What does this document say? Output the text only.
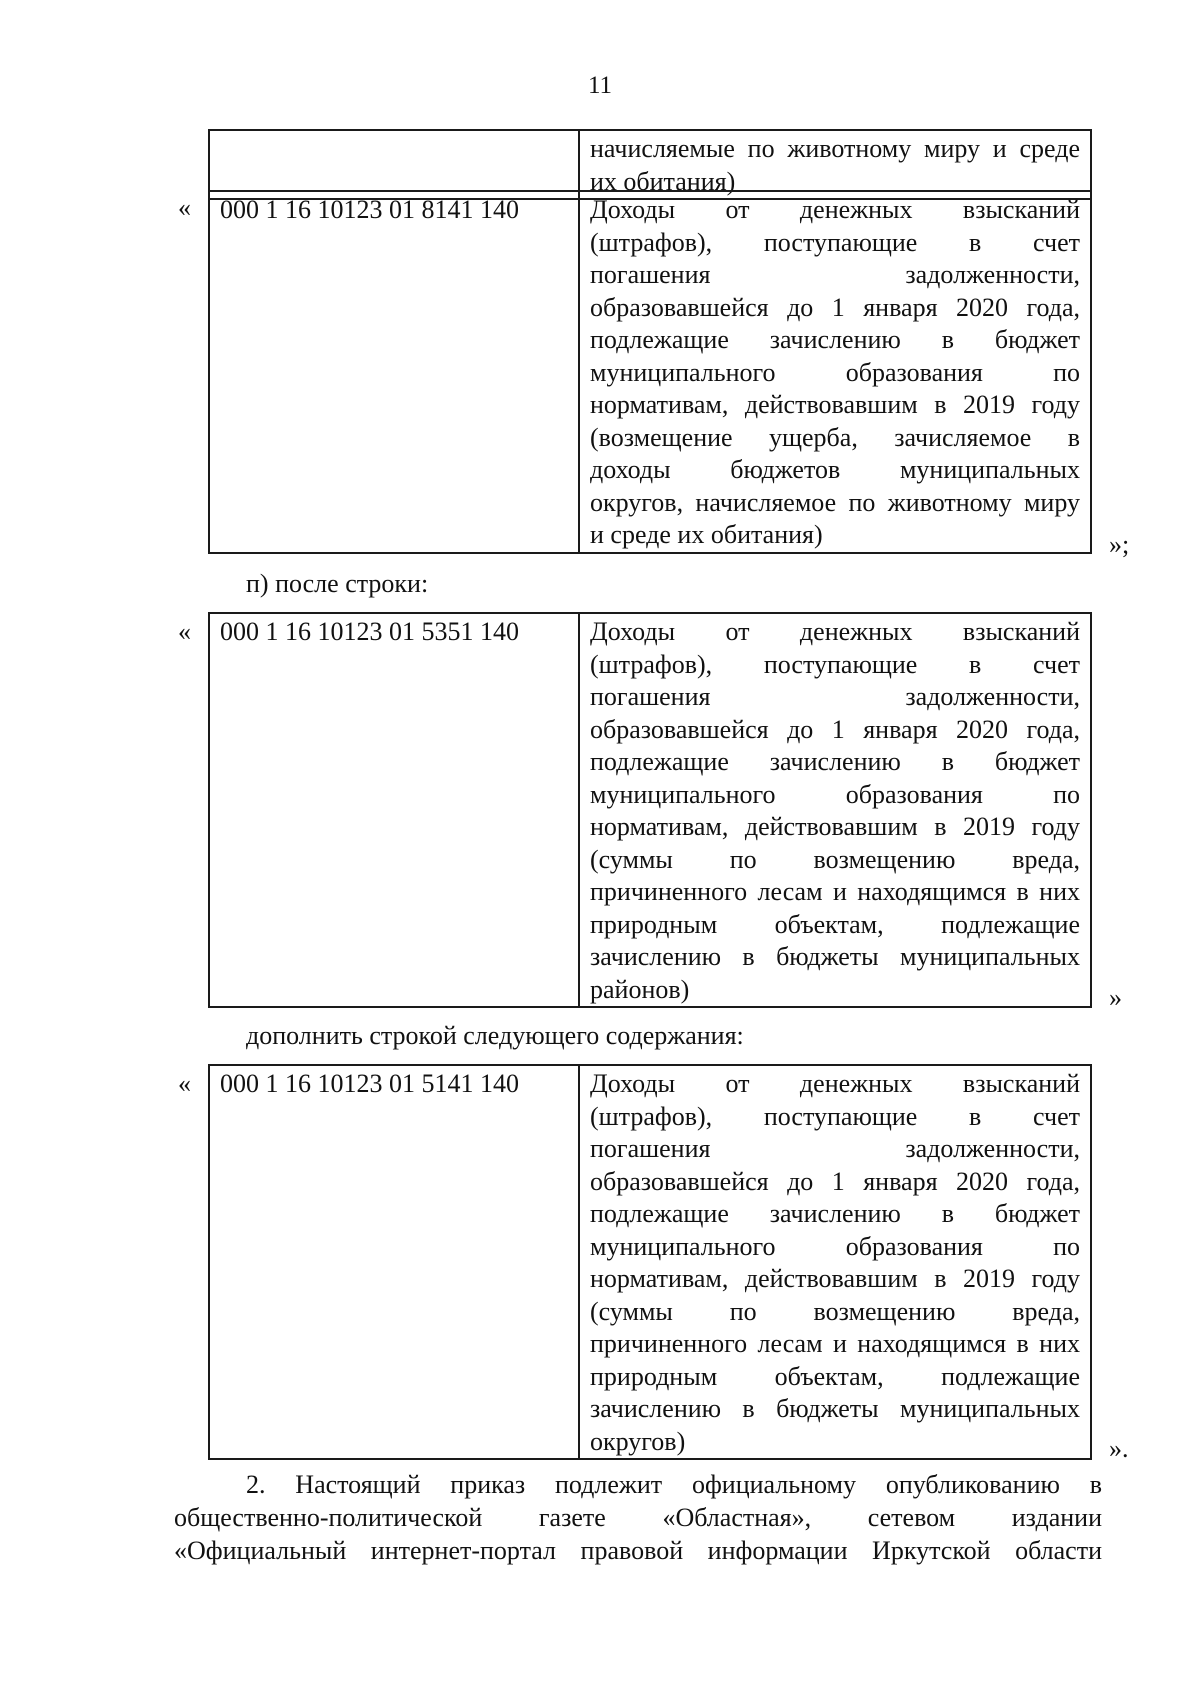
11

начисляемые по животному миру и среде
их обитания)
« 000 1 16 10123 01 8141 140	Доходы от денежных взысканий
(штрафов), поступающие в счет
погашения задолженности,
образовавшейся до 1 января 2020 года,
подлежащие зачислению в бюджет
муниципального образования по
нормативам, действовавшим в 2019 году
(возмещение ущерба, зачисляемое в
доходы бюджетов муниципальных
округов, начисляемое по животному миру
и среде их обитания)	»;
п) после строки:
« 000 1 16 10123 01 5351 140	Доходы от денежных взысканий
(штрафов), поступающие в счет
погашения задолженности,
образовавшейся до 1 января 2020 года,
подлежащие зачислению в бюджет
муниципального образования по
нормативам, действовавшим в 2019 году
(суммы по возмещению вреда,
причиненного лесам и находящимся в них
природным объектам, подлежащие
зачислению в бюджеты муниципальных
районов)	»
дополнить строкой следующего содержания:
« 000 1 16 10123 01 5141 140	Доходы от денежных взысканий
(штрафов), поступающие в счет
погашения задолженности,
образовавшейся до 1 января 2020 года,
подлежащие зачислению в бюджет
муниципального образования по
нормативам, действовавшим в 2019 году
(суммы по возмещению вреда,
причиненного лесам и находящимся в них
природным объектам, подлежащие
зачислению в бюджеты муниципальных
округов)	».
2. Настоящий приказ подлежит официальному опубликованию в
общественно-политической газете «Областная», сетевом издании
«Официальный интернет-портал правовой информации Иркутской области
